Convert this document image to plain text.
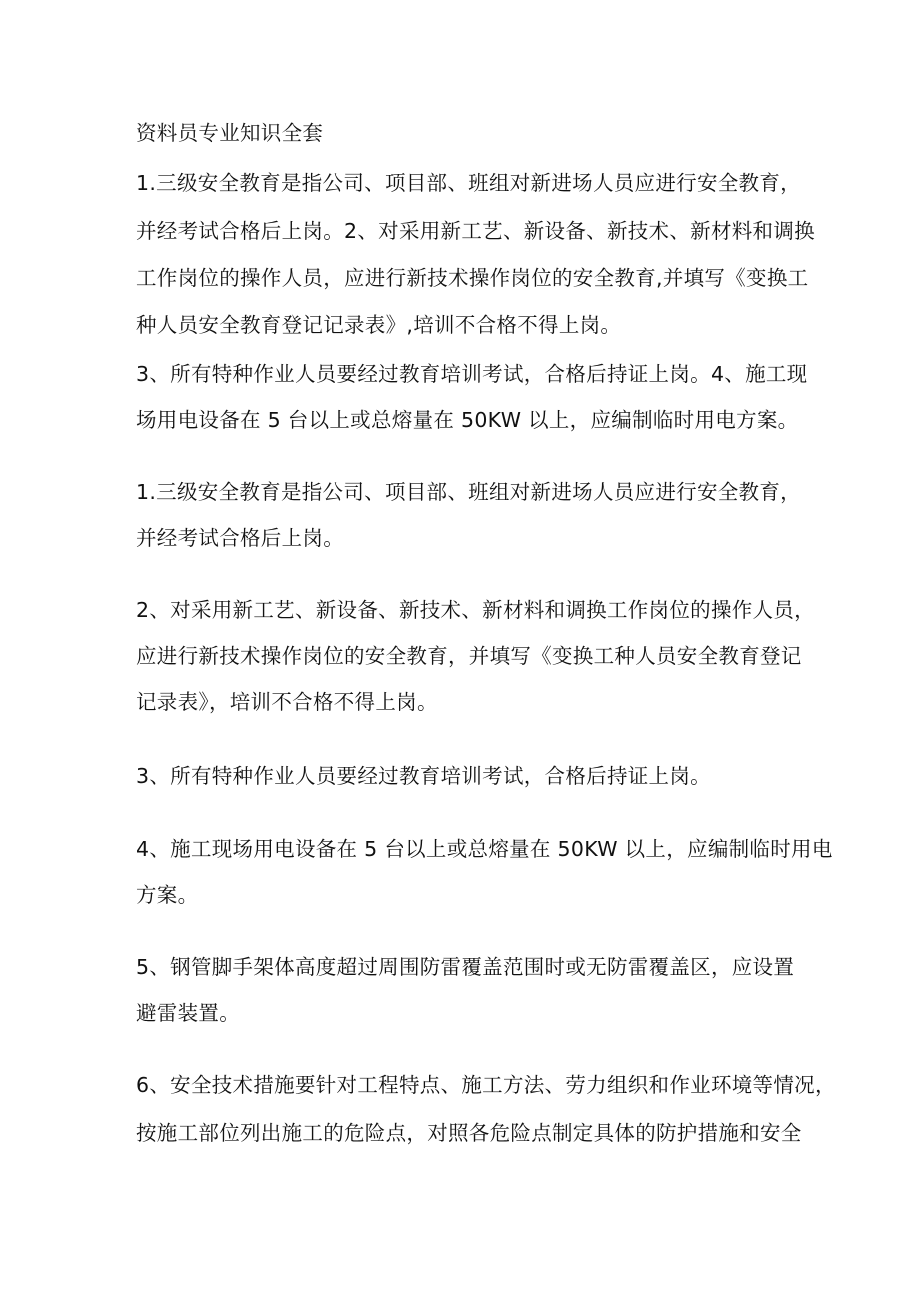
资料员专业知识全套
1.三级安全教育是指公司、项目部、班组对新进场人员应进行安全教育，
并经考试合格后上岗。2、对采用新工艺、新设备、新技术、新材料和调换
工作岗位的操作人员，应进行新技术操作岗位的安全教育,并填写《变换工
种人员安全教育登记记录表》,培训不合格不得上岗。
3、所有特种作业人员要经过教育培训考试，合格后持证上岗。4、施工现
场用电设备在 5 台以上或总熔量在 50KW 以上，应编制临时用电方案。
1.三级安全教育是指公司、项目部、班组对新进场人员应进行安全教育，
并经考试合格后上岗。
2、对采用新工艺、新设备、新技术、新材料和调换工作岗位的操作人员，
应进行新技术操作岗位的安全教育，并填写《变换工种人员安全教育登记
记录表》，培训不合格不得上岗。
3、所有特种作业人员要经过教育培训考试，合格后持证上岗。
4、施工现场用电设备在 5 台以上或总熔量在 50KW 以上，应编制临时用电
方案。
5、钢管脚手架体高度超过周围防雷覆盖范围时或无防雷覆盖区，应设置
避雷装置。
6、安全技术措施要针对工程特点、施工方法、劳力组织和作业环境等情况，
按施工部位列出施工的危险点，对照各危险点制定具体的防护措施和安全
